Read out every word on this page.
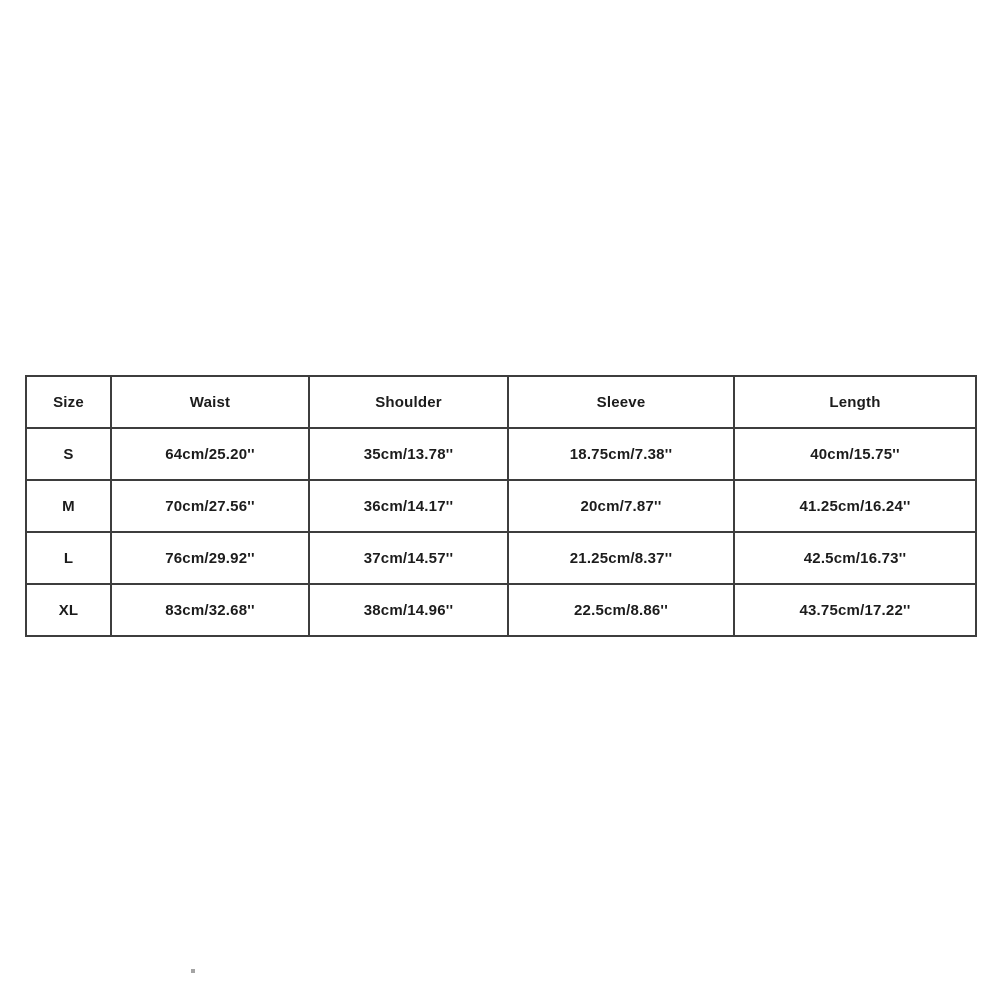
Size	Waist	Shoulder	Sleeve	Length
S	64cm/25.20''	35cm/13.78''	18.75cm/7.38''	40cm/15.75''
M	70cm/27.56''	36cm/14.17''	20cm/7.87''	41.25cm/16.24''
L	76cm/29.92''	37cm/14.57''	21.25cm/8.37''	42.5cm/16.73''
XL	83cm/32.68''	38cm/14.96''	22.5cm/8.86''	43.75cm/17.22''
